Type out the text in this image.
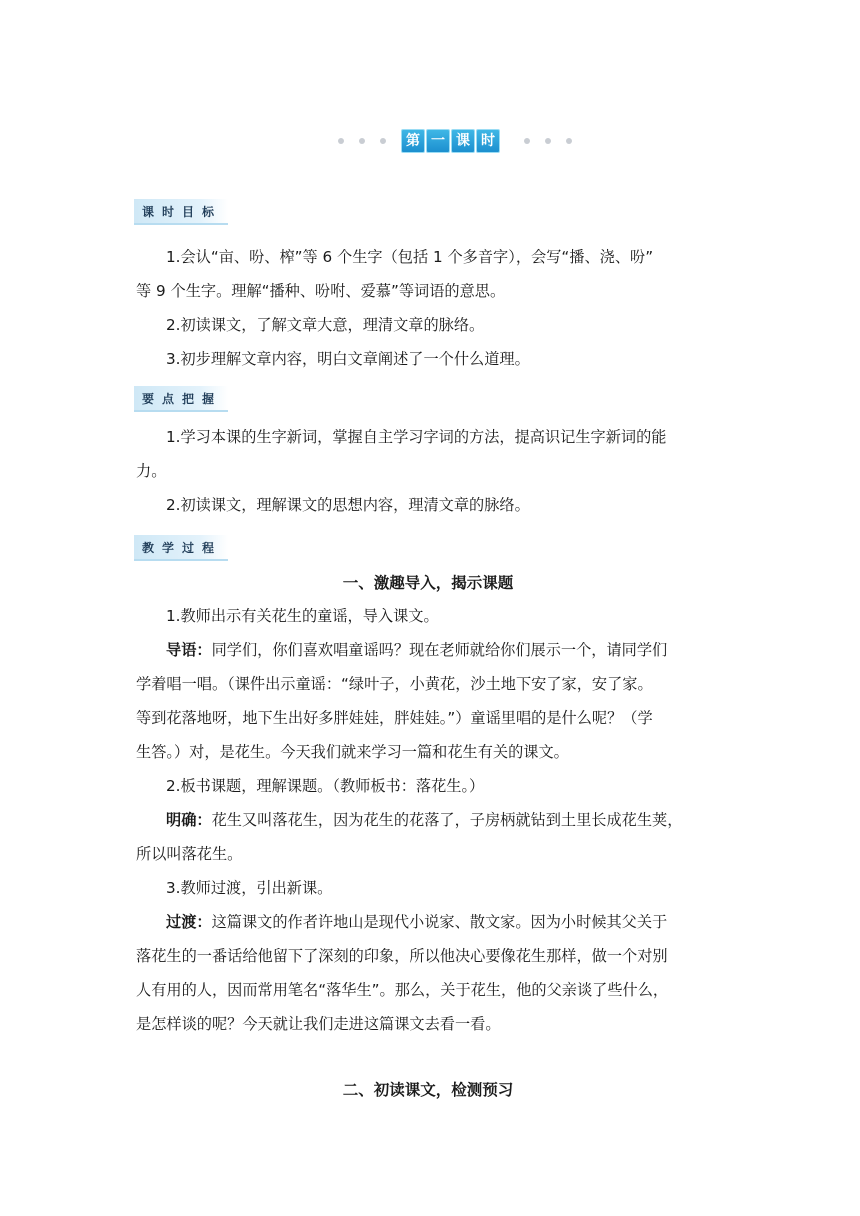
第 一 课 时
课时目标
1.会认“亩、吩、榨”等 6 个生字（包括 1 个多音字），会写“播、浇、吩”
等 9 个生字。理解“播种、吩咐、爱慕”等词语的意思。
2.初读课文，了解文章大意，理清文章的脉络。
3.初步理解文章内容，明白文章阐述了一个什么道理。
要点把握
1.学习本课的生字新词，掌握自主学习字词的方法，提高识记生字新词的能
力。
2.初读课文，理解课文的思想内容，理清文章的脉络。
教学过程
一、激趣导入，揭示课题
1.教师出示有关花生的童谣，导入课文。
导语：同学们，你们喜欢唱童谣吗？现在老师就给你们展示一个，请同学们
学着唱一唱。（课件出示童谣：“绿叶子，小黄花，沙土地下安了家，安了家。
等到花落地呀，地下生出好多胖娃娃，胖娃娃。”）童谣里唱的是什么呢？（学
生答。）对，是花生。今天我们就来学习一篇和花生有关的课文。
2.板书课题，理解课题。（教师板书：落花生。）
明确：花生又叫落花生，因为花生的花落了，子房柄就钻到土里长成花生荚，
所以叫落花生。
3.教师过渡，引出新课。
过渡：这篇课文的作者许地山是现代小说家、散文家。因为小时候其父关于
落花生的一番话给他留下了深刻的印象，所以他决心要像花生那样，做一个对别
人有用的人，因而常用笔名“落华生”。那么，关于花生，他的父亲谈了些什么，
是怎样谈的呢？今天就让我们走进这篇课文去看一看。
二、初读课文，检测预习
